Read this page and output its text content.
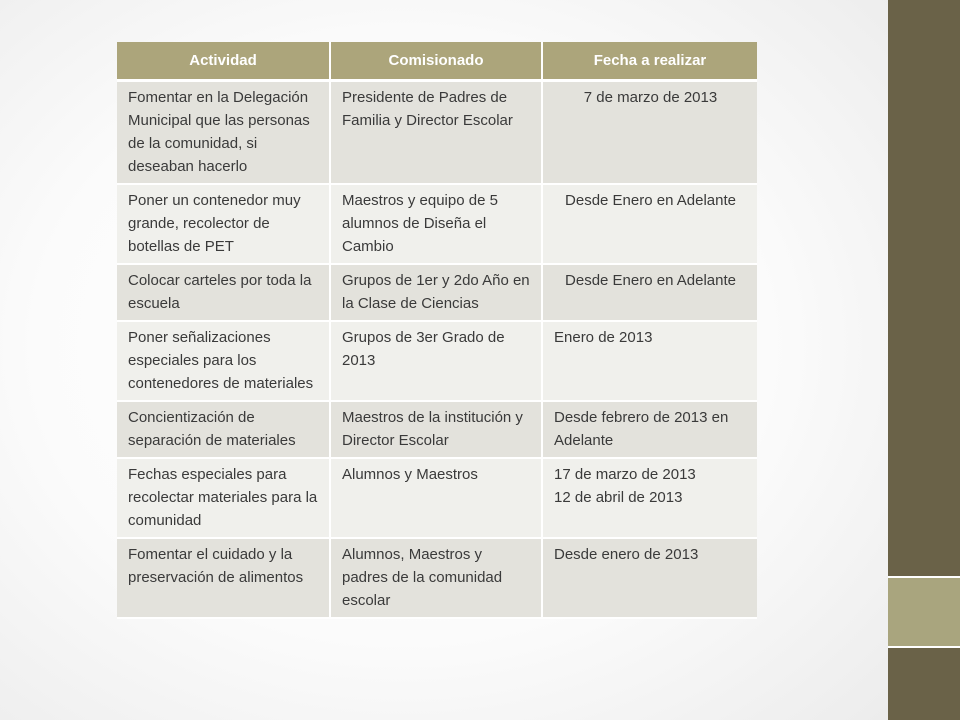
Actividad	Comisionado	Fecha a realizar
Fomentar en la Delegación Municipal que las personas de la comunidad, si deseaban hacerlo	Presidente de Padres de Familia y Director Escolar	7 de marzo de 2013

Poner un contenedor muy grande, recolector de botellas de PET	Maestros y equipo de 5 alumnos de Diseña el Cambio	Desde Enero en Adelante

Colocar carteles por toda la escuela	Grupos de 1er y 2do Año en la Clase de Ciencias	Desde Enero en Adelante

Poner señalizaciones especiales para los contenedores de materiales	Grupos de 3er Grado de 2013	Enero de 2013

Concientización de separación de materiales	Maestros de la institución y Director Escolar	Desde febrero de 2013 en Adelante

Fechas especiales para recolectar materiales para la comunidad	Alumnos y Maestros	17 de marzo de 2013
12 de abril de 2013

Fomentar el cuidado y la preservación de alimentos	Alumnos, Maestros y padres de la comunidad escolar	Desde enero de 2013
